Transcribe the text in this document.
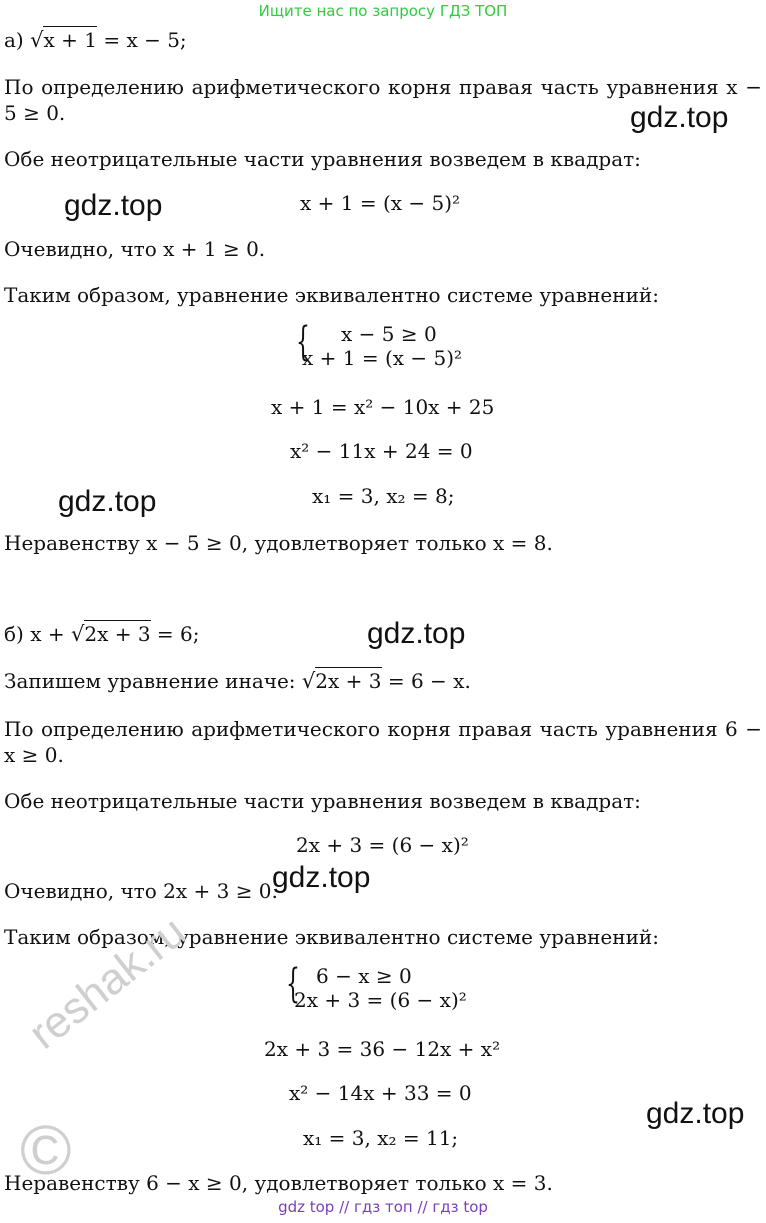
Ищите нас по запросу ГДЗ ТОП
а) √x + 1 = x − 5;
По определению арифметического корня правая часть уравнения x − 5 ≥ 0.	gdz.top
Обе неотрицательные части уравнения возведем в квадрат:
gdz.top	x + 1 = (x − 5)²
Очевидно, что x + 1 ≥ 0.
Таким образом, уравнение эквивалентно системе уравнений:
{ x − 5 ≥ 0
x + 1 = (x − 5)²
x + 1 = x² − 10x + 25
x² − 11x + 24 = 0
gdz.top	x₁ = 3, x₂ = 8;
Неравенству x − 5 ≥ 0, удовлетворяет только x = 8.
б) x + √2x + 3 = 6;	gdz.top
Запишем уравнение иначе: √2x + 3 = 6 − x.
По определению арифметического корня правая часть уравнения 6 − x ≥ 0.
Обе неотрицательные части уравнения возведем в квадрат:
2x + 3 = (6 − x)²
Очевидно, что 2x + 3 ≥ 0.
gdz.top
Таким образом, уравнение эквивалентно системе уравнений:
{ 6 − x ≥ 0
2x + 3 = (6 − x)²
2x + 3 = 36 − 12x + x²
x² − 14x + 33 = 0
gdz.top
x₁ = 3, x₂ = 11;
Неравенству 6 − x ≥ 0, удовлетворяет только x = 3.
reshak.ru
©
gdz top // гдз топ // гдз top
